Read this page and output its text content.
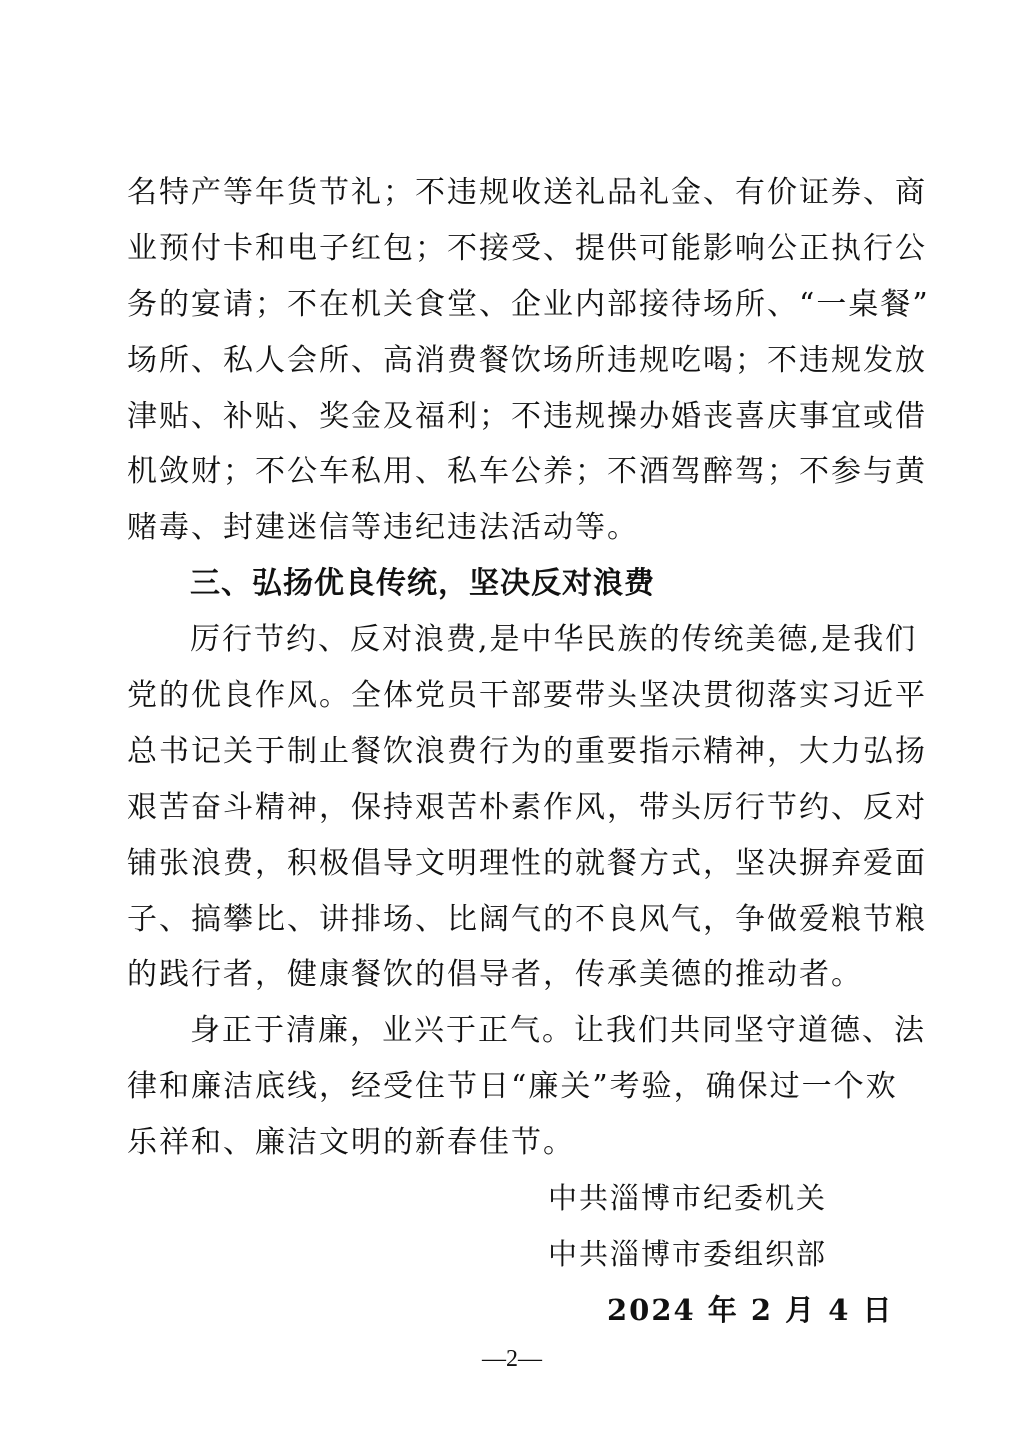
名特产等年货节礼；不违规收送礼品礼金、有价证券、商
业预付卡和电子红包；不接受、提供可能影响公正执行公
务的宴请；不在机关食堂、企业内部接待场所、“一桌餐”
场所、私人会所、高消费餐饮场所违规吃喝；不违规发放
津贴、补贴、奖金及福利；不违规操办婚丧喜庆事宜或借
机敛财；不公车私用、私车公养；不酒驾醉驾；不参与黄
赌毒、封建迷信等违纪违法活动等。
三、弘扬优良传统，坚决反对浪费
厉行节约、反对浪费,是中华民族的传统美德,是我们
党的优良作风。全体党员干部要带头坚决贯彻落实习近平
总书记关于制止餐饮浪费行为的重要指示精神，大力弘扬
艰苦奋斗精神，保持艰苦朴素作风，带头厉行节约、反对
铺张浪费，积极倡导文明理性的就餐方式，坚决摒弃爱面
子、搞攀比、讲排场、比阔气的不良风气，争做爱粮节粮
的践行者，健康餐饮的倡导者，传承美德的推动者。
身正于清廉，业兴于正气。让我们共同坚守道德、法
律和廉洁底线，经受住节日“廉关”考验，确保过一个欢
乐祥和、廉洁文明的新春佳节。
中共淄博市纪委机关
中共淄博市委组织部
2024 年 2 月 4 日
—2—
